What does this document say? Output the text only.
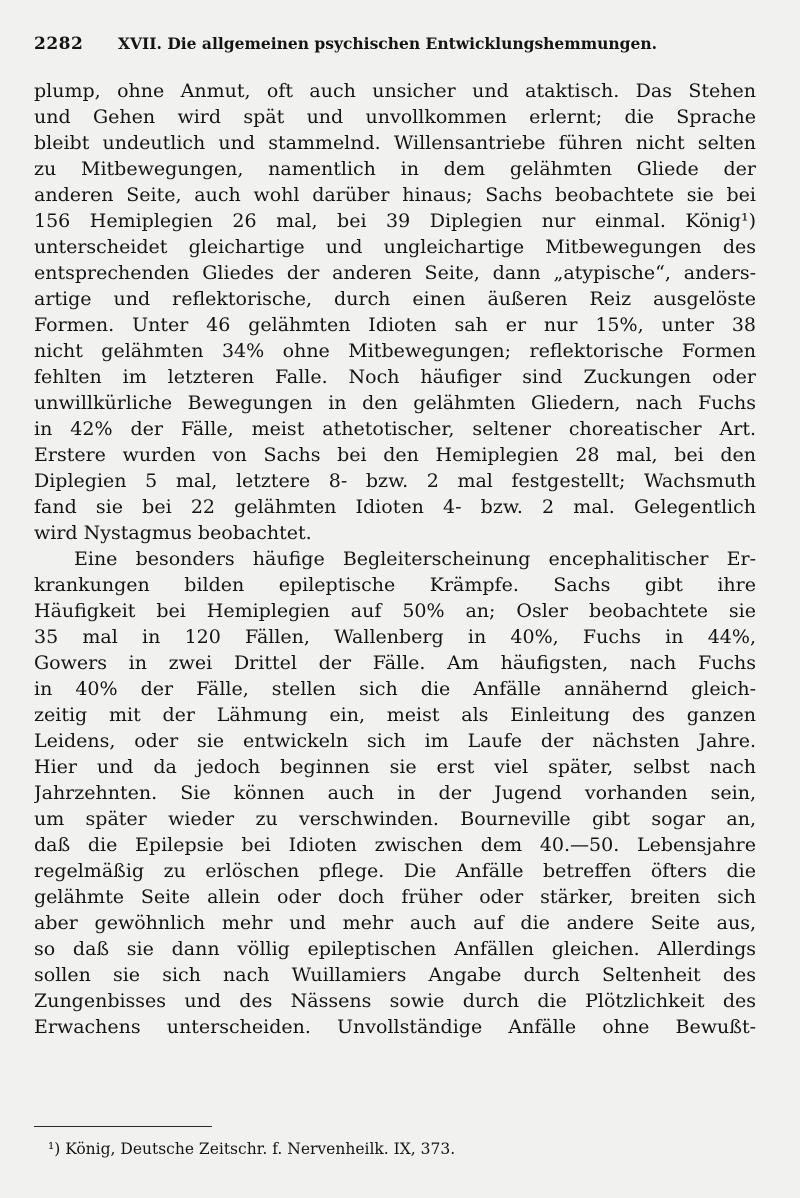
2282 XVII. Die allgemeinen psychischen Entwicklungshemmungen.
plump, ohne Anmut, oft auch unsicher und ataktisch. Das Stehen
und Gehen wird spät und unvollkommen erlernt; die Sprache
bleibt undeutlich und stammelnd. Willensantriebe führen nicht selten
zu Mitbewegungen, namentlich in dem gelähmten Gliede der
anderen Seite, auch wohl darüber hinaus; Sachs beobachtete sie bei
156 Hemiplegien 26 mal, bei 39 Diplegien nur einmal. König¹)
unterscheidet gleichartige und ungleichartige Mitbewegungen des
entsprechenden Gliedes der anderen Seite, dann „atypische“, anders-
artige und reflektorische, durch einen äußeren Reiz ausgelöste
Formen. Unter 46 gelähmten Idioten sah er nur 15%, unter 38
nicht gelähmten 34% ohne Mitbewegungen; reflektorische Formen
fehlten im letzteren Falle. Noch häufiger sind Zuckungen oder
unwillkürliche Bewegungen in den gelähmten Gliedern, nach Fuchs
in 42% der Fälle, meist athetotischer, seltener choreatischer Art.
Erstere wurden von Sachs bei den Hemiplegien 28 mal, bei den
Diplegien 5 mal, letztere 8- bzw. 2 mal festgestellt; Wachsmuth
fand sie bei 22 gelähmten Idioten 4- bzw. 2 mal. Gelegentlich
wird Nystagmus beobachtet.
Eine besonders häufige Begleiterscheinung encephalitischer Er-
krankungen bilden epileptische Krämpfe. Sachs gibt ihre
Häufigkeit bei Hemiplegien auf 50% an; Osler beobachtete sie
35 mal in 120 Fällen, Wallenberg in 40%, Fuchs in 44%,
Gowers in zwei Drittel der Fälle. Am häufigsten, nach Fuchs
in 40% der Fälle, stellen sich die Anfälle annähernd gleich-
zeitig mit der Lähmung ein, meist als Einleitung des ganzen
Leidens, oder sie entwickeln sich im Laufe der nächsten Jahre.
Hier und da jedoch beginnen sie erst viel später, selbst nach
Jahrzehnten. Sie können auch in der Jugend vorhanden sein,
um später wieder zu verschwinden. Bourneville gibt sogar an,
daß die Epilepsie bei Idioten zwischen dem 40.—50. Lebensjahre
regelmäßig zu erlöschen pflege. Die Anfälle betreffen öfters die
gelähmte Seite allein oder doch früher oder stärker, breiten sich
aber gewöhnlich mehr und mehr auch auf die andere Seite aus,
so daß sie dann völlig epileptischen Anfällen gleichen. Allerdings
sollen sie sich nach Wuillamiers Angabe durch Seltenheit des
Zungenbisses und des Nässens sowie durch die Plötzlichkeit des
Erwachens unterscheiden. Unvollständige Anfälle ohne Bewußt-
¹) König, Deutsche Zeitschr. f. Nervenheilk. IX, 373.
